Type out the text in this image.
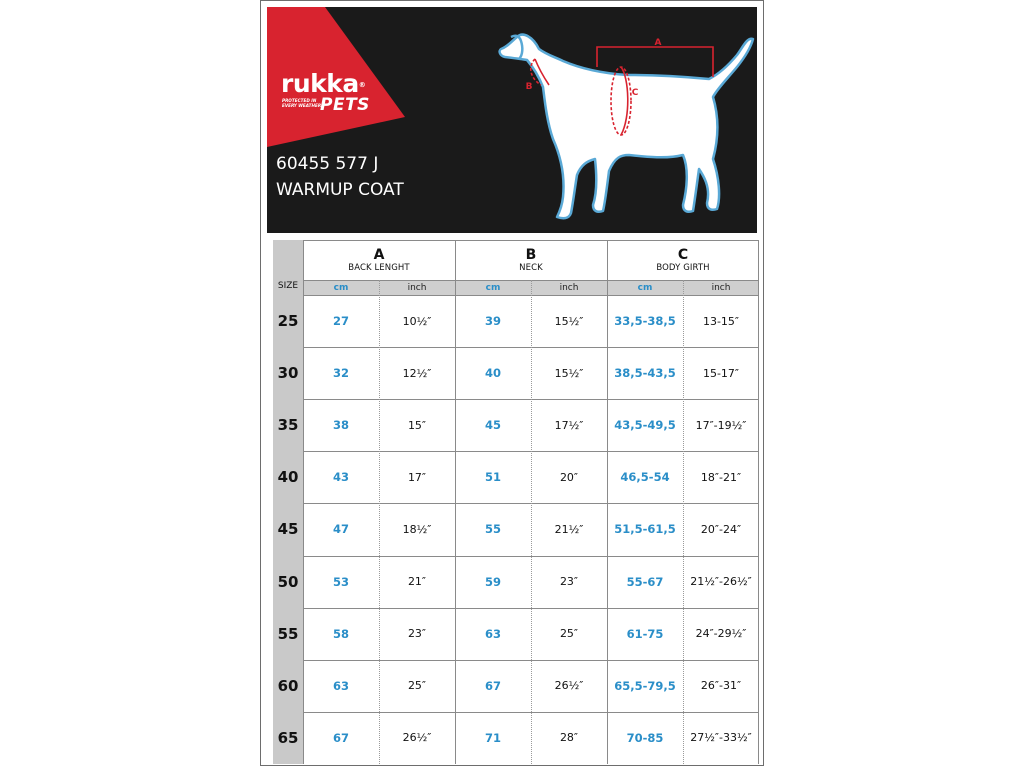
rukka®
PROTECTED IN EVERY WEATHER
PETS
60455 577 J
WARMUP COAT
A
B
C
A
BACK LENGHT
B
NECK
C
BODY GIRTH
SIZE	cm	inch	cm	inch	cm	inch
25	27	10½″	39	15½″	33,5-38,5	13-15″
30	32	12½″	40	15½″	38,5-43,5	15-17″
35	38	15″	45	17½″	43,5-49,5	17″-19½″
40	43	17″	51	20″	46,5-54	18″-21″
45	47	18½″	55	21½″	51,5-61,5	20″-24″
50	53	21″	59	23″	55-67	21½″-26½″
55	58	23″	63	25″	61-75	24″-29½″
60	63	25″	67	26½″	65,5-79,5	26″-31″
65	67	26½″	71	28″	70-85	27½″-33½″
